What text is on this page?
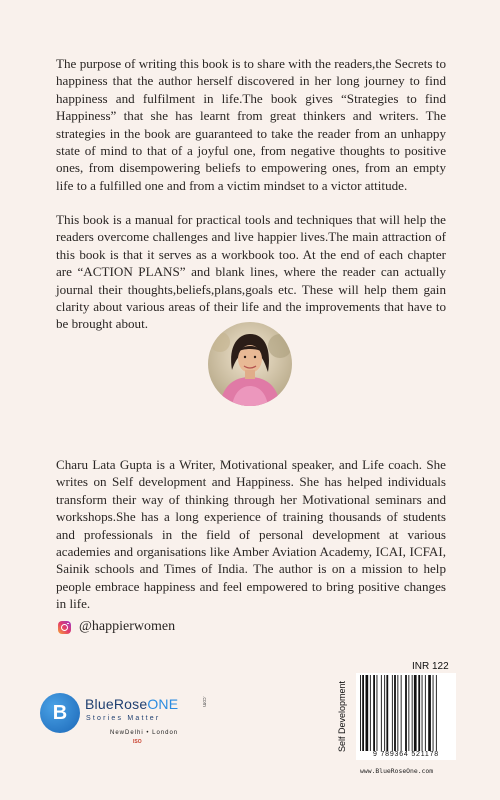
The purpose of writing this book is to share with the readers,the Secrets to happiness that the author herself discovered in her long journey to find happiness and fulfilment in life.The book gives “Strategies to find Happiness” that she has learnt from great thinkers and writers. The strategies in the book are guaranteed to take the reader from an unhappy state of mind to that of a joyful one, from negative thoughts to positive ones, from disempowering beliefs to empowering ones, from an empty life to a fulfilled one and from a victim mindset to a victor attitude.

This book is a manual for practical tools and techniques that will help the readers overcome challenges and live happier lives.The main attraction of this book is that it serves as a workbook too. At the end of each chapter are “ACTION PLANS” and blank lines, where the reader can actually journal their thoughts,beliefs,plans,goals etc. These will help them gain clarity about various areas of their life and the improvements that have to be brought about.

Charu Lata Gupta is a Writer, Motivational speaker, and Life coach. She writes on Self development and Happiness. She has helped individuals transform their way of thinking through her Motivational seminars and workshops.She has a long experience of training thousands of students and professionals in the field of personal development at various academies and organisations like Amber Aviation Academy, ICAI, ICFAI, Sainik schools and Times of India. The author is on a mission to help people embrace happiness and feel empowered to bring positive changes in life.

@happierwomen
B BlueRoseONE	.com
Stories Matter
NewDelhi • London
ISO
INR 122
Self Development
9 789364 521178
www.BlueRoseOne.com
